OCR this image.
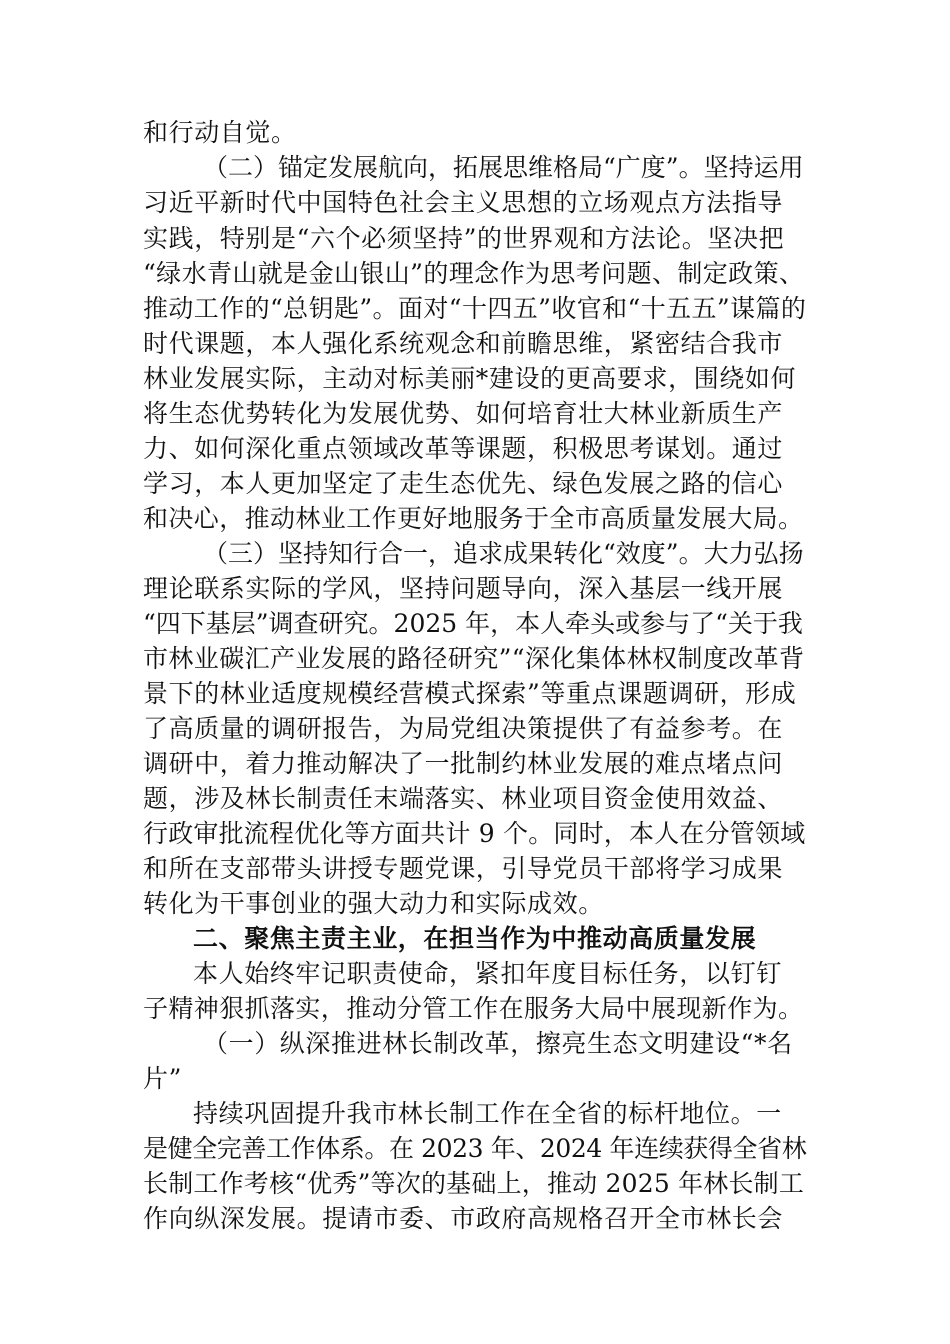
和行动自觉。
（二）锚定发展航向，拓展思维格局“广度”。坚持运用
习近平新时代中国特色社会主义思想的立场观点方法指导
实践，特别是“六个必须坚持”的世界观和方法论。坚决把
“绿水青山就是金山银山”的理念作为思考问题、制定政策、
推动工作的“总钥匙”。面对“十四五”收官和“十五五”谋篇的
时代课题，本人强化系统观念和前瞻思维，紧密结合我市
林业发展实际，主动对标美丽*建设的更高要求，围绕如何
将生态优势转化为发展优势、如何培育壮大林业新质生产
力、如何深化重点领域改革等课题，积极思考谋划。通过
学习，本人更加坚定了走生态优先、绿色发展之路的信心
和决心，推动林业工作更好地服务于全市高质量发展大局。
（三）坚持知行合一，追求成果转化“效度”。大力弘扬
理论联系实际的学风，坚持问题导向，深入基层一线开展
“四下基层”调查研究。2025 年，本人牵头或参与了“关于我
市林业碳汇产业发展的路径研究”“深化集体林权制度改革背
景下的林业适度规模经营模式探索”等重点课题调研，形成
了高质量的调研报告，为局党组决策提供了有益参考。在
调研中，着力推动解决了一批制约林业发展的难点堵点问
题，涉及林长制责任末端落实、林业项目资金使用效益、
行政审批流程优化等方面共计 9 个。同时，本人在分管领域
和所在支部带头讲授专题党课，引导党员干部将学习成果
转化为干事创业的强大动力和实际成效。
二、聚焦主责主业，在担当作为中推动高质量发展
本人始终牢记职责使命，紧扣年度目标任务，以钉钉
子精神狠抓落实，推动分管工作在服务大局中展现新作为。
（一）纵深推进林长制改革，擦亮生态文明建设“*名
片”
持续巩固提升我市林长制工作在全省的标杆地位。一
是健全完善工作体系。在 2023 年、2024 年连续获得全省林
长制工作考核“优秀”等次的基础上，推动 2025 年林长制工
作向纵深发展。提请市委、市政府高规格召开全市林长会
